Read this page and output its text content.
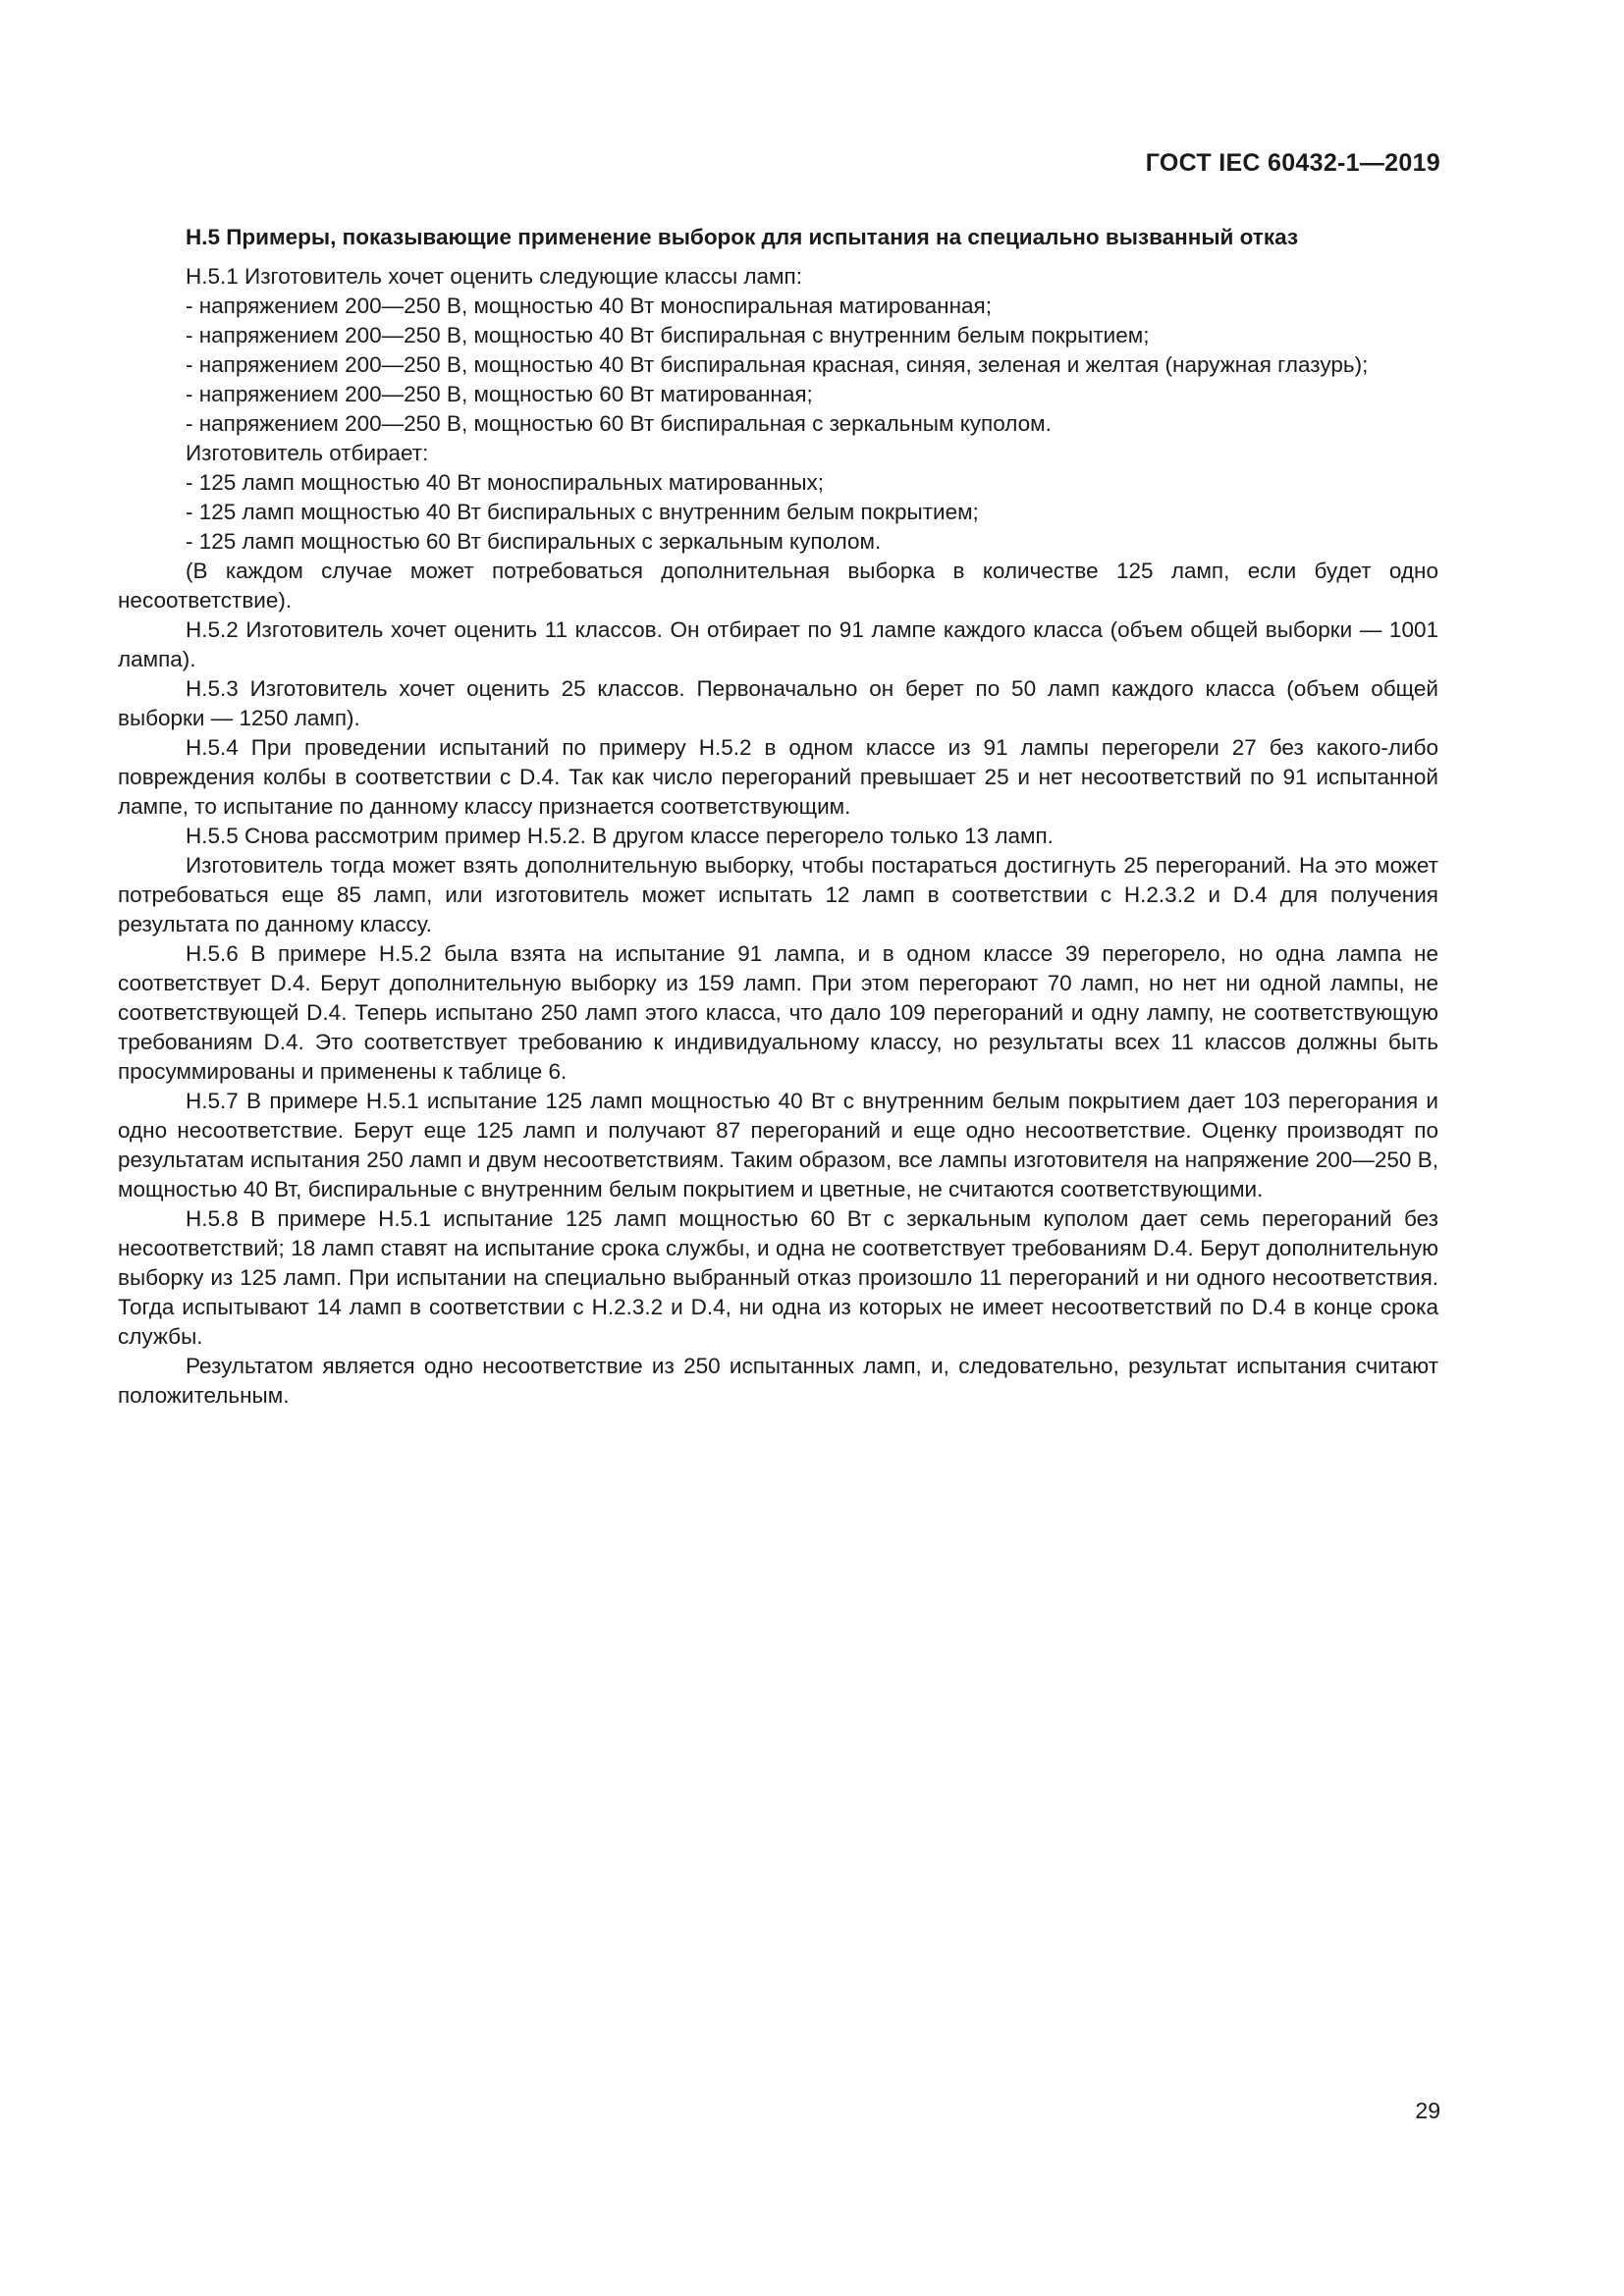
ГОСТ IEC 60432-1—2019

Н.5 Примеры, показывающие применение выборок для испытания на специально вызванный отказ

Н.5.1 Изготовитель хочет оценить следующие классы ламп:

- напряжением 200—250 В, мощностью 40 Вт моноспиральная матированная;

- напряжением 200—250 В, мощностью 40 Вт биспиральная с внутренним белым покрытием;

- напряжением 200—250 В, мощностью 40 Вт биспиральная красная, синяя, зеленая и желтая (наружная глазурь);

- напряжением 200—250 В, мощностью 60 Вт матированная;

- напряжением 200—250 В, мощностью 60 Вт биспиральная с зеркальным куполом.

Изготовитель отбирает:

- 125 ламп мощностью 40 Вт моноспиральных матированных;

- 125 ламп мощностью 40 Вт биспиральных с внутренним белым покрытием;

- 125 ламп мощностью 60 Вт биспиральных с зеркальным куполом.

(В каждом случае может потребоваться дополнительная выборка в количестве 125 ламп, если будет одно несоответствие).

Н.5.2 Изготовитель хочет оценить 11 классов. Он отбирает по 91 лампе каждого класса (объем общей выборки — 1001 лампа).

Н.5.3 Изготовитель хочет оценить 25 классов. Первоначально он берет по 50 ламп каждого класса (объем общей выборки — 1250 ламп).

Н.5.4 При проведении испытаний по примеру Н.5.2 в одном классе из 91 лампы перегорели 27 без какого-либо повреждения колбы в соответствии с D.4. Так как число перегораний превышает 25 и нет несоответствий по 91 испытанной лампе, то испытание по данному классу признается соответствующим.

Н.5.5 Снова рассмотрим пример Н.5.2. В другом классе перегорело только 13 ламп.

Изготовитель тогда может взять дополнительную выборку, чтобы постараться достигнуть 25 перегораний. На это может потребоваться еще 85 ламп, или изготовитель может испытать 12 ламп в соответствии с Н.2.3.2 и D.4 для получения результата по данному классу.

Н.5.6 В примере Н.5.2 была взята на испытание 91 лампа, и в одном классе 39 перегорело, но одна лампа не соответствует D.4. Берут дополнительную выборку из 159 ламп. При этом перегорают 70 ламп, но нет ни одной лампы, не соответствующей D.4. Теперь испытано 250 ламп этого класса, что дало 109 перегораний и одну лампу, не соответствующую требованиям D.4. Это соответствует требованию к индивидуальному классу, но результаты всех 11 классов должны быть просуммированы и применены к таблице 6.

Н.5.7 В примере Н.5.1 испытание 125 ламп мощностью 40 Вт с внутренним белым покрытием дает 103 перегорания и одно несоответствие. Берут еще 125 ламп и получают 87 перегораний и еще одно несоответствие. Оценку производят по результатам испытания 250 ламп и двум несоответствиям. Таким образом, все лампы изготовителя на напряжение 200—250 В, мощностью 40 Вт, биспиральные с внутренним белым покрытием и цветные, не считаются соответствующими.

Н.5.8 В примере Н.5.1 испытание 125 ламп мощностью 60 Вт с зеркальным куполом дает семь перегораний без несоответствий; 18 ламп ставят на испытание срока службы, и одна не соответствует требованиям D.4. Берут дополнительную выборку из 125 ламп. При испытании на специально выбранный отказ произошло 11 перегораний и ни одного несоответствия. Тогда испытывают 14 ламп в соответствии с Н.2.3.2 и D.4, ни одна из которых не имеет несоответствий по D.4 в конце срока службы.

Результатом является одно несоответствие из 250 испытанных ламп, и, следовательно, результат испытания считают положительным.

29
